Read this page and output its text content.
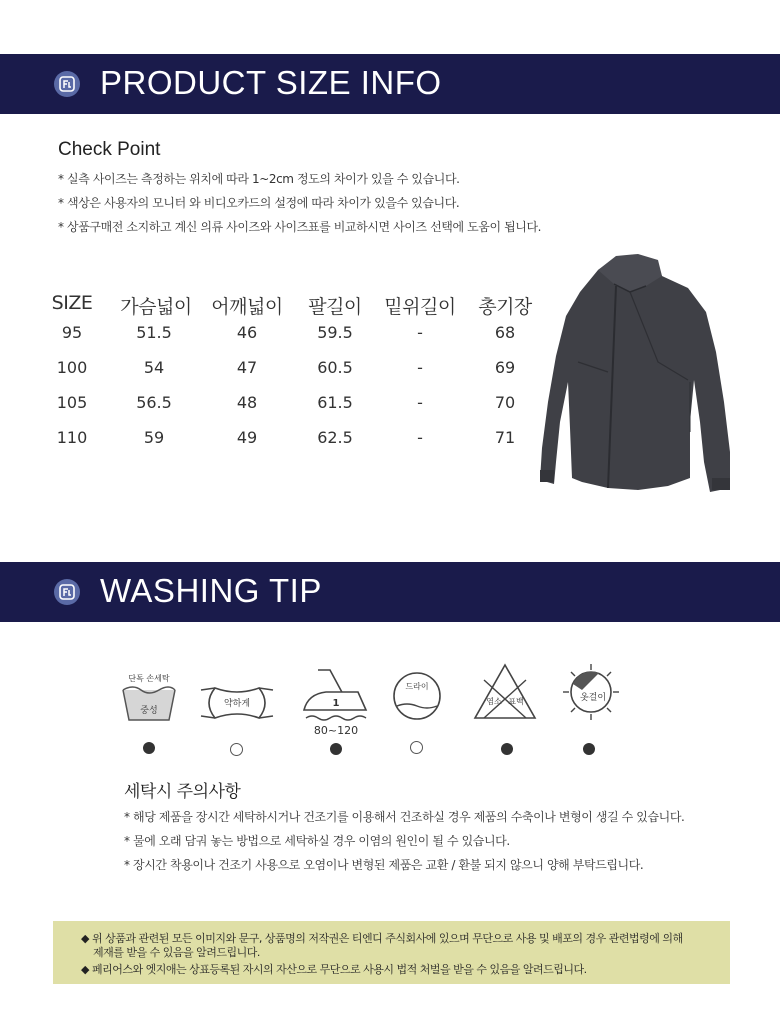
PRODUCT SIZE INFO
Check Point
* 실측 사이즈는 측정하는 위치에 따라 1~2cm 정도의 차이가 있을 수 있습니다.
* 색상은 사용자의 모니터 와 비디오카드의 설정에 따라 차이가 있을수 있습니다.
* 상품구매전 소지하고 계신 의류 사이즈와 사이즈표를 비교하시면 사이즈 선택에 도움이 됩니다.
SIZE	가슴넓이	어깨넓이	팔길이	밑위길이	총기장
95	51.5	46	59.5	-	68
100	54	47	60.5	-	69
105	56.5	48	61.5	-	70
110	59	49	62.5	-	71
WASHING TIP
단독 손세탁
중성
약하게	1
80~120
드라이
염소 표백	옷걸이
세탁시 주의사항
* 해당 제품을 장시간 세탁하시거나 건조기를 이용해서 건조하실 경우 제품의 수축이나 변형이 생길 수 있습니다.
* 물에 오래 담궈 놓는 방법으로 세탁하실 경우 이염의 원인이 될 수 있습니다.
* 장시간 착용이나 건조기 사용으로 오염이나 변형된 제품은 교환 / 환불 되지 않으니 양해 부탁드립니다.
◆ 위 상품과 관련된 모든 이미지와 문구, 상품명의 저작권은 티엔디 주식회사에 있으며 무단으로 사용 및 배포의 경우 관련법령에 의해
제재를 받을 수 있음을 알려드립니다.
◆ 페리어스와 엣지애는 상표등록된 자시의 자산으로 무단으로 사용시 법적 처벌을 받을 수 있음을 알려드립니다.
